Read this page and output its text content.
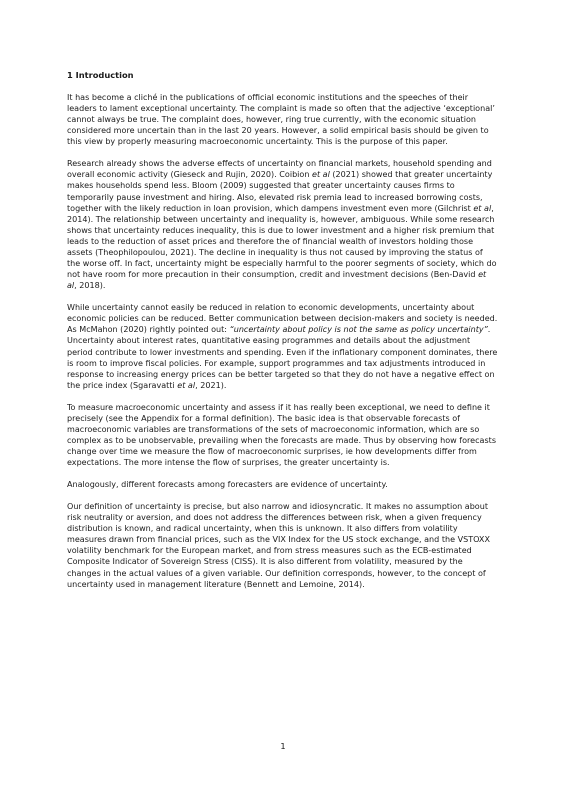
1 Introduction

It has become a cliché in the publications of official economic institutions and the speeches of their leaders to lament exceptional uncertainty. The complaint is made so often that the adjective ‘exceptional’ cannot always be true. The complaint does, however, ring true currently, with the economic situation considered more uncertain than in the last 20 years. However, a solid empirical basis should be given to this view by properly measuring macroeconomic uncertainty. This is the purpose of this paper.

Research already shows the adverse effects of uncertainty on financial markets, household spending and overall economic activity (Gieseck and Rujin, 2020). Coibion et al (2021) showed that greater uncertainty makes households spend less. Bloom (2009) suggested that greater uncertainty causes firms to temporarily pause investment and hiring. Also, elevated risk premia lead to increased borrowing costs, together with the likely reduction in loan provision, which dampens investment even more (Gilchrist et al, 2014). The relationship between uncertainty and inequality is, however, ambiguous. While some research shows that uncertainty reduces inequality, this is due to lower investment and a higher risk premium that leads to the reduction of asset prices and therefore the of financial wealth of investors holding those assets (Theophilopoulou, 2021). The decline in inequality is thus not caused by improving the status of the worse off. In fact, uncertainty might be especially harmful to the poorer segments of society, which do not have room for more precaution in their consumption, credit and investment decisions (Ben-David et al, 2018).

While uncertainty cannot easily be reduced in relation to economic developments, uncertainty about economic policies can be reduced. Better communication between decision-makers and society is needed. As McMahon (2020) rightly pointed out: “uncertainty about policy is not the same as policy uncertainty”. Uncertainty about interest rates, quantitative easing programmes and details about the adjustment period contribute to lower investments and spending. Even if the inflationary component dominates, there is room to improve fiscal policies. For example, support programmes and tax adjustments introduced in response to increasing energy prices can be better targeted so that they do not have a negative effect on the price index (Sgaravatti et al, 2021).

To measure macroeconomic uncertainty and assess if it has really been exceptional, we need to define it precisely (see the Appendix for a formal definition). The basic idea is that observable forecasts of macroeconomic variables are transformations of the sets of macroeconomic information, which are so complex as to be unobservable, prevailing when the forecasts are made. Thus by observing how forecasts change over time we measure the flow of macroeconomic surprises, ie how developments differ from expectations. The more intense the flow of surprises, the greater uncertainty is.

Analogously, different forecasts among forecasters are evidence of uncertainty.

Our definition of uncertainty is precise, but also narrow and idiosyncratic. It makes no assumption about risk neutrality or aversion, and does not address the differences between risk, when a given frequency distribution is known, and radical uncertainty, when this is unknown. It also differs from volatility measures drawn from financial prices, such as the VIX Index for the US stock exchange, and the VSTOXX volatility benchmark for the European market, and from stress measures such as the ECB-estimated Composite Indicator of Sovereign Stress (CISS). It is also different from volatility, measured by the changes in the actual values of a given variable. Our definition corresponds, however, to the concept of uncertainty used in management literature (Bennett and Lemoine, 2014).

1
